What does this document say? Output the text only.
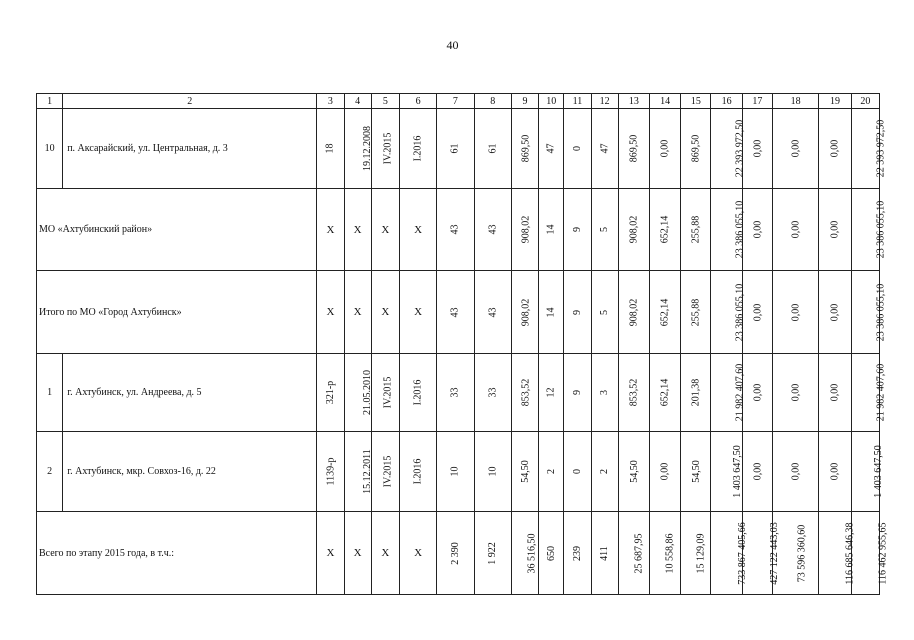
40
1	2	3	4	5	6	7	8	9	10	11	12	13	14	15	16	17	18	19	20
10	п. Аксарайский, ул. Центральная, д. 3	18	19.12.2008	IV.2015	I.2016	61	61	869,50	47	0	47	869,50	0,00	869,50	22 393 972,50	0,00	0,00	0,00	22 393 972,50
МО «Ахтубинский район»		Х	Х	Х	Х	43	43	908,02	14	9	5	908,02	652,14	255,88	23 386 055,10	0,00	0,00	0,00	23 386 055,10
Итого по МО «Город Ахтубинск»		Х	Х	Х	Х	43	43	908,02	14	9	5	908,02	652,14	255,88	23 386 055,10	0,00	0,00	0,00	23 386 055,10
1	г. Ахтубинск, ул. Андреева, д. 5	321-р	21.05.2010	IV.2015	I.2016	33	33	853,52	12	9	3	853,52	652,14	201,38	21 982 407,60	0,00	0,00	0,00	21 982 407,60
2	г. Ахтубинск, мкр. Совхоз-16, д. 22	1139-р	15.12.2011	IV.2015	I.2016	10	10	54,50	2	0	2	54,50	0,00	54,50	1 403 647,50	0,00	0,00	0,00	1 403 647,50
Всего по этапу 2015 года, в т.ч.:		Х	Х	Х	Х	2 390	1 922	36 516,50	650	239	411	25 687,95	10 558,86	15 129,09	733 867 405,66	427 122 443,03	73 596 360,60	116 685 646,38	116 462 955,65
